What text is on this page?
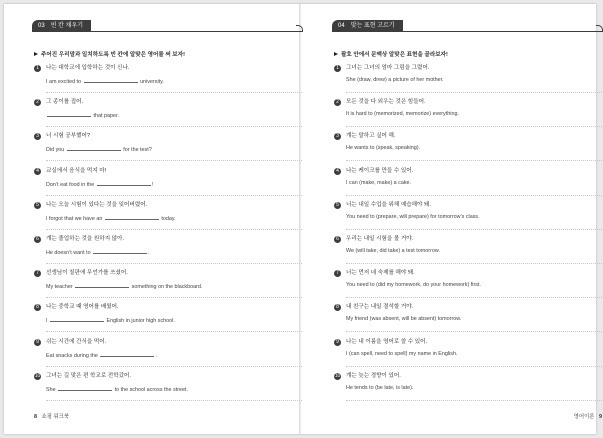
03 빈 칸 채우기
주어진 우리말과 일치하도록 빈 칸에 알맞은 영어를 써 보자!
1 나는 대학교에 입학하는 것이 신나.
I am excited to	university.
2 그 종이를 집어.
that paper.
3 너 시험 공부했어?
Did you	for the test?
4 교실에서 음식을 먹지 마!
Don’t eat food in the	!
5 나는 오늘 시험이 있다는 것을 잊어버렸어.
I forgot that we have an	today.
6 걔는 졸업하는 것을 원하지 않아.
He doesn’t want to	.
7 선생님이 칠판에 무언가를 쓰셨어.
My teacher	something on the blackboard.
8 나는 중학교 때 영어를 배웠어.
I	English in junior high school.
9 쉬는 시간에 간식을 먹어.
Eat snacks during the	.
10 그녀는 길 맞은 편 학교로 전학갔어.
She	to the school across the street.
8 쇼핑 워크북
04 맞는 표현 고르기
괄호 안에서 문맥상 알맞은 표현을 골라보자!
1 그녀는 그녀의 엄마 그림을 그렸어.
She (draw, drew) a picture of her mother.
2 모든 것을 다 외우는 것은 힘들어.
It is hard to (memorized, memorize) everything.
3 걔는 말하고 싶어 해.
He wants to (speak, speaking).
4 나는 케이크를 만들 수 있어.
I can (make, make) a cake.
5 너는 내일 수업을 위해 예습해야 돼.
You need to (prepare, will prepare) for tomorrow’s class.
6 우리는 내일 시험을 볼 거야.
We (will take, did take) a test tomorrow.
7 너는 먼저 네 숙제를 해야 돼.
You need to (did my homework, do your homework) first.
8 내 친구는 내일 결석할 거야.
My friend (was absent, will be absent) tomorrow.
9 나는 내 이름을 영어로 쓸 수 있어.
I (can spell, need to spell) my name in English.
10 걔는 늦는 경향이 있어.
He tends to (be late, is late).
영어이론 9
